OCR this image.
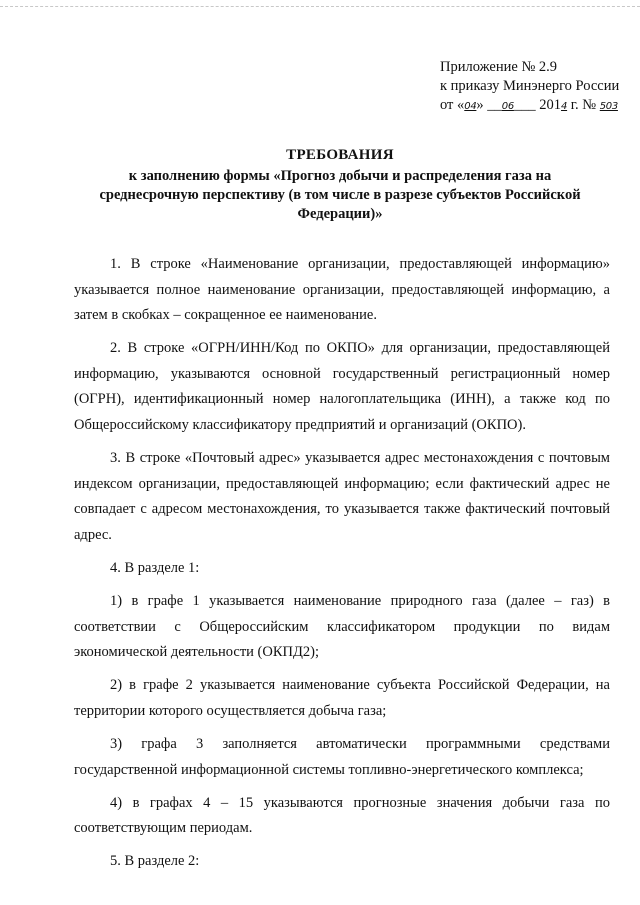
Приложение № 2.9
к приказу Минэнерго России
от «04» __06___ 2014 г. № 503
ТРЕБОВАНИЯ
к заполнению формы «Прогноз добычи и распределения газа на
среднесрочную перспективу (в том числе в разрезе субъектов Российской
Федерации)»

1. В строке «Наименование организации, предоставляющей информацию» указывается полное наименование организации, предоставляющей информацию, а затем в скобках – сокращенное ее наименование.

2. В строке «ОГРН/ИНН/Код по ОКПО» для организации, предоставляющей информацию, указываются основной государственный регистрационный номер (ОГРН), идентификационный номер налогоплательщика (ИНН), а также код по Общероссийскому классификатору предприятий и организаций (ОКПО).

3. В строке «Почтовый адрес» указывается адрес местонахождения с почтовым индексом организации, предоставляющей информацию; если фактический адрес не совпадает с адресом местонахождения, то указывается также фактический почтовый адрес.

4. В разделе 1:

1) в графе 1 указывается наименование природного газа (далее – газ) в соответствии с Общероссийским классификатором продукции по видам экономической деятельности (ОКПД2);

2) в графе 2 указывается наименование субъекта Российской Федерации, на территории которого осуществляется добыча газа;

3) графа 3 заполняется автоматически программными средствами государственной информационной системы топливно-энергетического комплекса;

4) в графах 4 – 15 указываются прогнозные значения добычи газа по соответствующим периодам.

5. В разделе 2:
